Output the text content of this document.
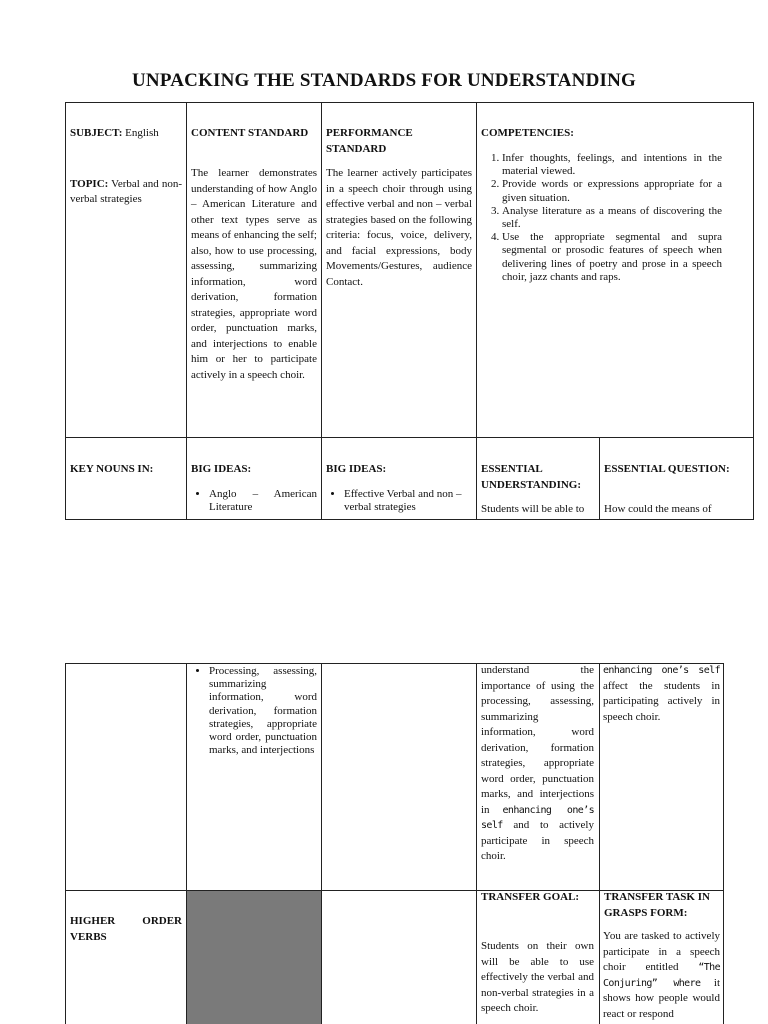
UNPACKING THE STANDARDS FOR UNDERSTANDING
SUBJECT: English
TOPIC: Verbal and non-verbal strategies
CONTENT STANDARD
The learner demonstrates understanding of how Anglo – American Literature and other text types serve as means of enhancing the self; also, how to use processing, assessing, summarizing information, word derivation, formation strategies, appropriate word order, punctuation marks, and interjections to enable him or her to participate actively in a speech choir.
PERFORMANCE STANDARD
The learner actively participates in a speech choir through using effective verbal and non – verbal strategies based on the following criteria: focus, voice, delivery, and facial expressions, body Movements/Gestures, audience Contact.
COMPETENCIES:
1. Infer thoughts, feelings, and intentions in the material viewed.
2. Provide words or expressions appropriate for a given situation.
3. Analyse literature as a means of discovering the self.
4. Use the appropriate segmental and supra segmental or prosodic features of speech when delivering lines of poetry and prose in a speech choir, jazz chants and raps.
KEY NOUNS IN:	BIG IDEAS:
• Anglo – American Literature
BIG IDEAS:
• Effective Verbal and non – verbal strategies
ESSENTIAL UNDERSTANDING:
Students will be able to
ESSENTIAL QUESTION:
How could the means of
• Processing, assessing, summarizing information, word derivation, formation strategies, appropriate word order, punctuation marks, and interjections
understand the importance of using the processing, assessing, summarizing information, word derivation, formation strategies, appropriate word order, punctuation marks, and interjections in enhancing one’s self and to actively participate in speech choir.
enhancing one’s self affect the students in participating actively in speech choir.
HIGHER ORDER VERBS
TRANSFER GOAL:
Students on their own will be able to use effectively the verbal and non-verbal strategies in a speech choir.
TRANSFER TASK IN GRASPS FORM:
You are tasked to actively participate in a speech choir entitled “The Conjuring” where it shows how people would react or respond
